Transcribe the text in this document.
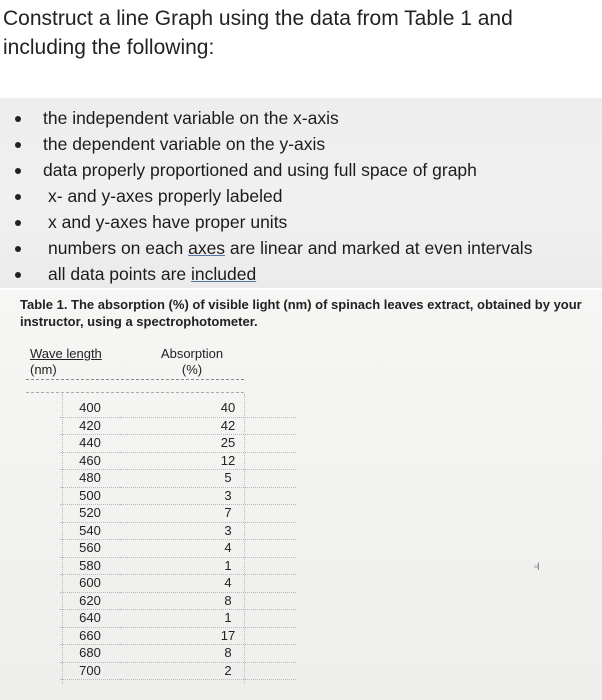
Construct a line Graph using the data from Table 1 and including the following:
the independent variable on the x-axis
the dependent variable on the y-axis
data properly proportioned and using full space of graph
x- and y-axes properly labeled
x and y-axes have proper units
numbers on each axes are linear and marked at even intervals
all data points are included
Table 1. The absorption (%) of visible light (nm) of spinach leaves extract, obtained by your instructor, using a spectrophotometer.
Wave length
(nm)
Absorption
(%)
400	40
420	42
440	25
460	12
480	5
500	3
520	7
540	3
560	4
580	1
600	4
620	8
640	1
660	17
680	8
700	2
▫I
